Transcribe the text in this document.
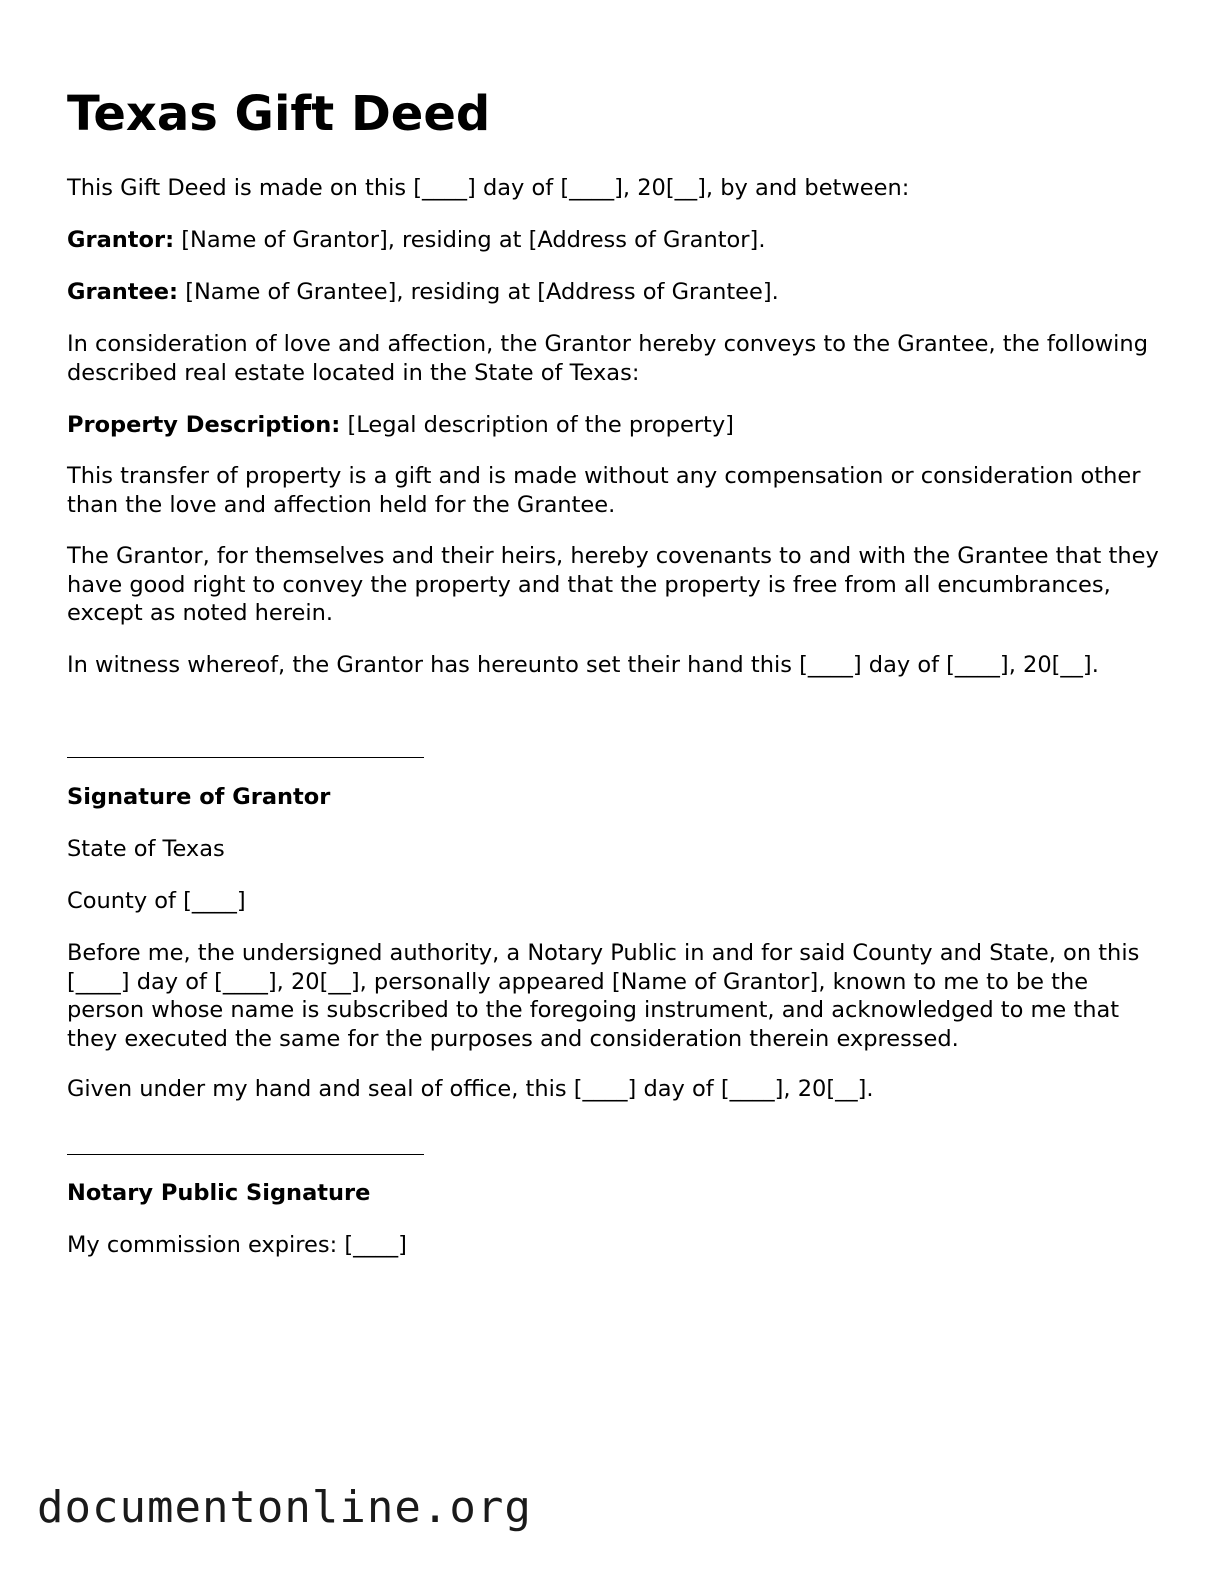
Texas Gift Deed

This Gift Deed is made on this [____] day of [____], 20[__], by and between:

Grantor: [Name of Grantor], residing at [Address of Grantor].

Grantee: [Name of Grantee], residing at [Address of Grantee].

In consideration of love and affection, the Grantor hereby conveys to the Grantee, the following described real estate located in the State of Texas:

Property Description: [Legal description of the property]

This transfer of property is a gift and is made without any compensation or consideration other than the love and affection held for the Grantee.

The Grantor, for themselves and their heirs, hereby covenants to and with the Grantee that they have good right to convey the property and that the property is free from all encumbrances, except as noted herein.

In witness whereof, the Grantor has hereunto set their hand this [____] day of [____], 20[__].

Signature of Grantor

State of Texas

County of [____]

Before me, the undersigned authority, a Notary Public in and for said County and State, on this [____] day of [____], 20[__], personally appeared [Name of Grantor], known to me to be the person whose name is subscribed to the foregoing instrument, and acknowledged to me that they executed the same for the purposes and consideration therein expressed.

Given under my hand and seal of office, this [____] day of [____], 20[__].

Notary Public Signature

My commission expires: [____]

documentonline.org
